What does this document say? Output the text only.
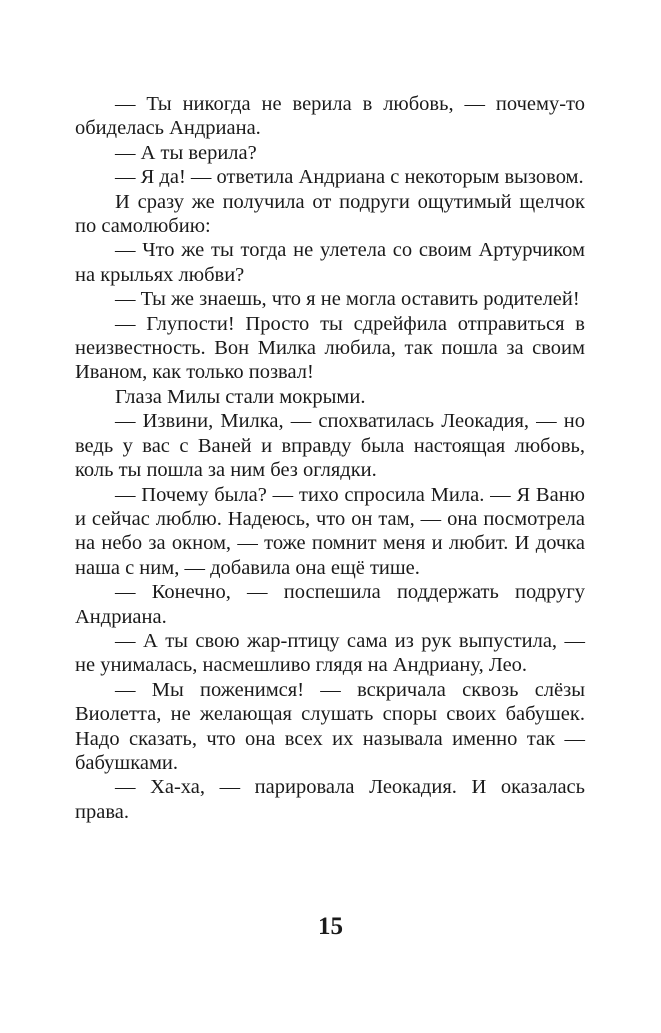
— Ты никогда не верила в любовь, — почему-то обиделась Андриана.

— А ты верила?

— Я да! — ответила Андриана с некоторым вызовом.

И сразу же получила от подруги ощутимый щелчок по самолюбию:

— Что же ты тогда не улетела со своим Артурчиком на крыльях любви?

— Ты же знаешь, что я не могла оставить родителей!

— Глупости! Просто ты сдрейфила отправиться в неизвестность. Вон Милка любила, так пошла за своим Иваном, как только позвал!

Глаза Милы стали мокрыми.

— Извини, Милка, — спохватилась Леокадия, — но ведь у вас с Ваней и вправду была настоящая любовь, коль ты пошла за ним без оглядки.

— Почему была? — тихо спросила Мила. — Я Ваню и сейчас люблю. Надеюсь, что он там, — она посмотрела на небо за окном, — тоже помнит меня и любит. И дочка наша с ним, — добавила она ещё тише.

— Конечно, — поспешила поддержать подругу Андриана.

— А ты свою жар-птицу сама из рук выпустила, — не унималась, насмешливо глядя на Андриану, Лео.

— Мы поженимся! — вскричала сквозь слёзы Виолетта, не желающая слушать споры своих бабушек. Надо сказать, что она всех их называла именно так — бабушками.

— Ха-ха, — парировала Леокадия. И оказалась права.

15
